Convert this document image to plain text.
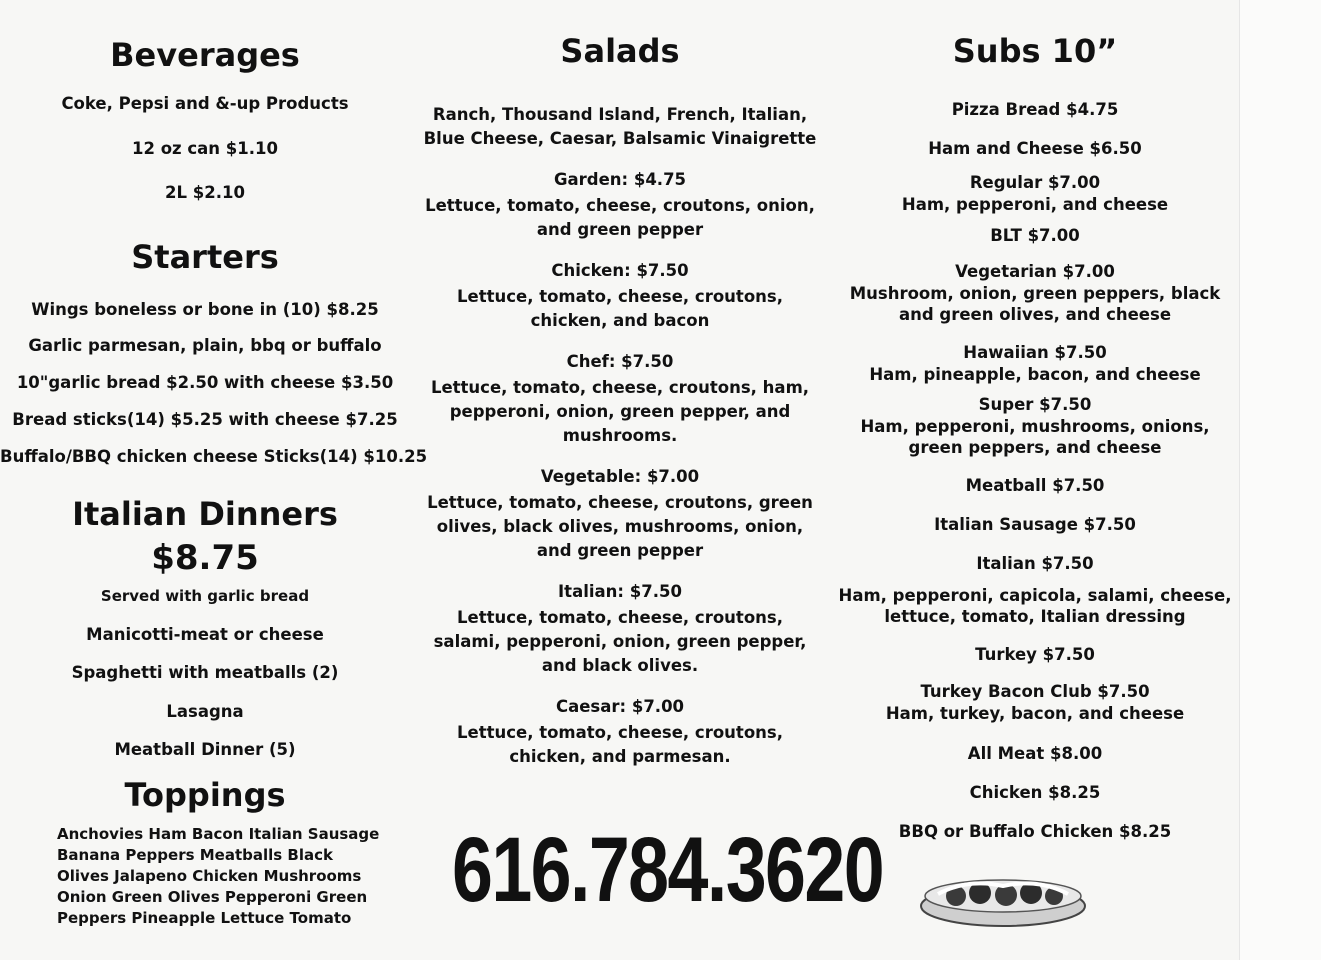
Beverages
Coke, Pepsi and &-up Products
12 oz can $1.10
2L $2.10
Starters
Wings boneless or bone in (10) $8.25
Garlic parmesan, plain, bbq or buffalo
10"garlic bread $2.50 with cheese $3.50
Bread sticks(14) $5.25 with cheese $7.25
Buffalo/BBQ chicken cheese Sticks(14) $10.25
Italian Dinners
$8.75
Served with garlic bread
Manicotti-meat or cheese
Spaghetti with meatballs (2)
Lasagna
Meatball Dinner (5)
Toppings
Anchovies Ham Bacon Italian Sausage
Banana Peppers Meatballs Black
Olives Jalapeno Chicken Mushrooms
Onion Green Olives Pepperoni Green
Peppers Pineapple Lettuce Tomato
Salads
Ranch, Thousand Island, French, Italian,
Blue Cheese, Caesar, Balsamic Vinaigrette
Garden: $4.75
Lettuce, tomato, cheese, croutons, onion,
and green pepper
Chicken: $7.50
Lettuce, tomato, cheese, croutons,
chicken, and bacon
Chef: $7.50
Lettuce, tomato, cheese, croutons, ham,
pepperoni, onion, green pepper, and
mushrooms.
Vegetable: $7.00
Lettuce, tomato, cheese, croutons, green
olives, black olives, mushrooms, onion,
and green pepper
Italian: $7.50
Lettuce, tomato, cheese, croutons,
salami, pepperoni, onion, green pepper,
and black olives.
Caesar: $7.00
Lettuce, tomato, cheese, croutons,
chicken, and parmesan.
616.784.3620
Subs 10”
Pizza Bread $4.75
Ham and Cheese $6.50
Regular $7.00
Ham, pepperoni, and cheese
BLT $7.00
Vegetarian $7.00
Mushroom, onion, green peppers, black
and green olives, and cheese
Hawaiian $7.50
Ham, pineapple, bacon, and cheese
Super $7.50
Ham, pepperoni, mushrooms, onions,
green peppers, and cheese
Meatball $7.50
Italian Sausage $7.50
Italian $7.50
Ham, pepperoni, capicola, salami, cheese,
lettuce, tomato, Italian dressing
Turkey $7.50
Turkey Bacon Club $7.50
Ham, turkey, bacon, and cheese
All Meat $8.00
Chicken $8.25
BBQ or Buffalo Chicken $8.25
